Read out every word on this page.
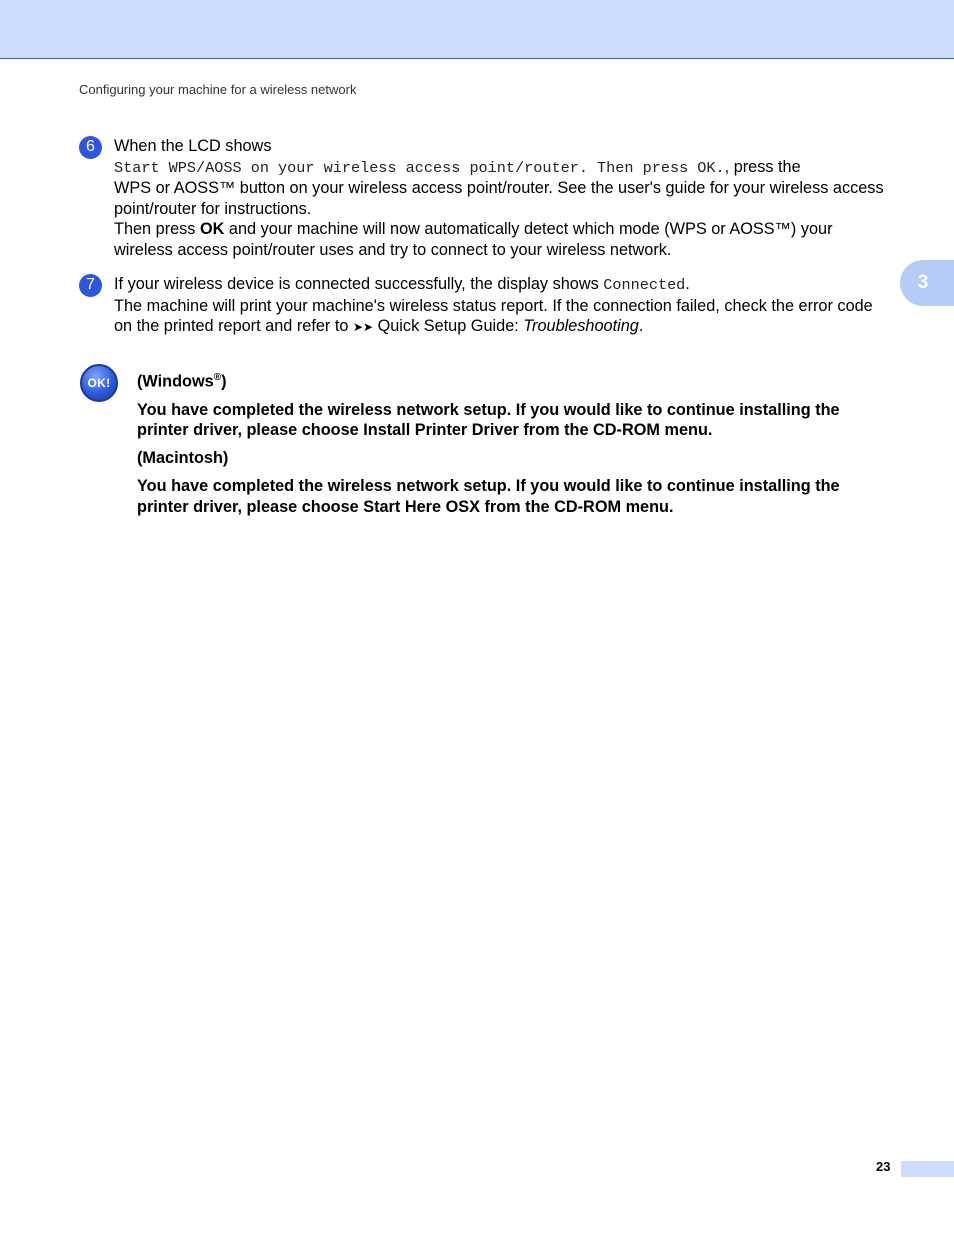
Configuring your machine for a wireless network
3
6	When the LCD shows
Start WPS/AOSS on your wireless access point/router. Then press OK., press the
WPS or AOSS™ button on your wireless access point/router. See the user's guide for your wireless access point/router for instructions.
Then press OK and your machine will now automatically detect which mode (WPS or AOSS™) your wireless access point/router uses and try to connect to your wireless network.
7	If your wireless device is connected successfully, the display shows Connected.
The machine will print your machine's wireless status report. If the connection failed, check the error code on the printed report and refer to ➤➤ Quick Setup Guide: Troubleshooting.
OK!	(Windows®)

You have completed the wireless network setup. If you would like to continue installing the printer driver, please choose Install Printer Driver from the CD-ROM menu.

(Macintosh)

You have completed the wireless network setup. If you would like to continue installing the printer driver, please choose Start Here OSX from the CD-ROM menu.

23
